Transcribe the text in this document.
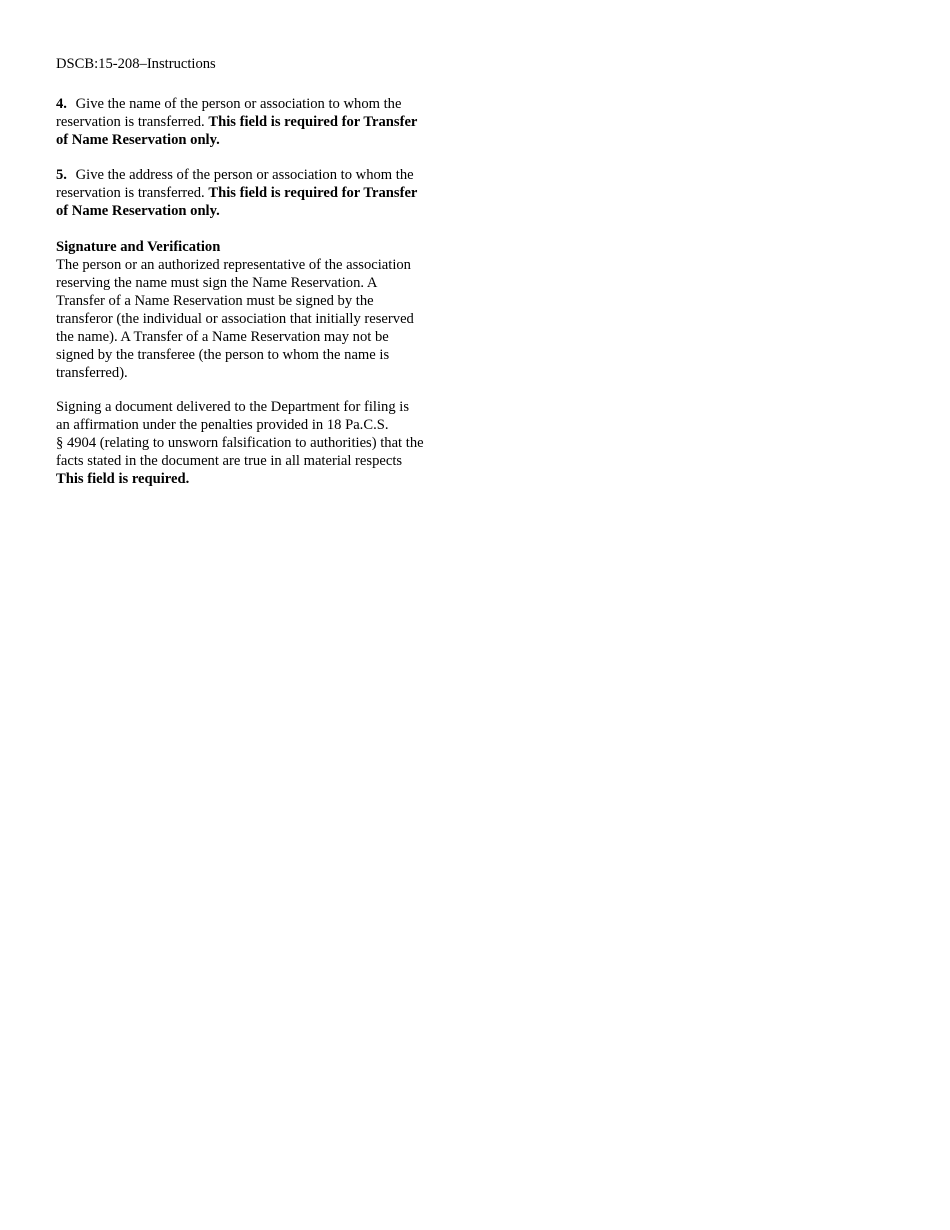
DSCB:15-208–Instructions
4. Give the name of the person or association to whom the
reservation is transferred. This field is required for Transfer
of Name Reservation only.
5. Give the address of the person or association to whom the
reservation is transferred. This field is required for Transfer
of Name Reservation only.
Signature and Verification
The person or an authorized representative of the association
reserving the name must sign the Name Reservation. A
Transfer of a Name Reservation must be signed by the
transferor (the individual or association that initially reserved
the name). A Transfer of a Name Reservation may not be
signed by the transferee (the person to whom the name is
transferred).
Signing a document delivered to the Department for filing is
an affirmation under the penalties provided in 18 Pa.C.S.
§ 4904 (relating to unsworn falsification to authorities) that the
facts stated in the document are true in all material respects
This field is required.
